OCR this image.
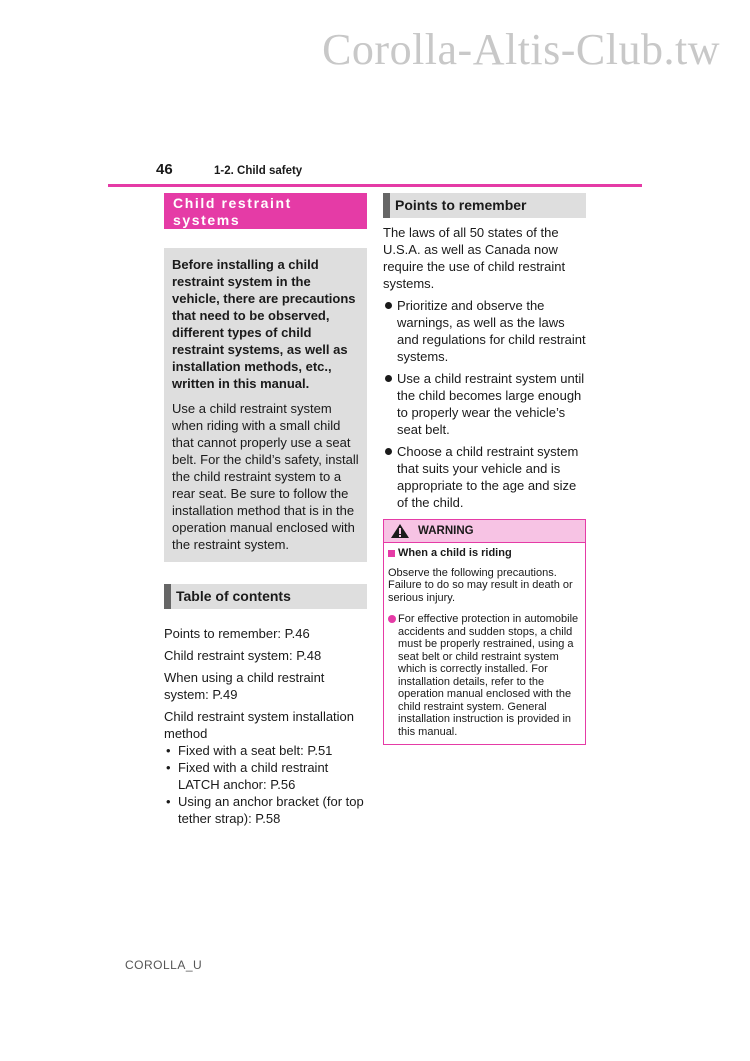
Corolla-Altis-Club.tw
46	1-2. Child safety
Child restraint systems

Before installing a child restraint system in the vehicle, there are precautions that need to be observed, different types of child restraint systems, as well as installation methods, etc., written in this manual.

Use a child restraint system when riding with a small child that cannot properly use a seat belt. For the child’s safety, install the child restraint system to a rear seat. Be sure to follow the installation method that is in the operation manual enclosed with the restraint system.

Table of contents

Points to remember: P.46

Child restraint system: P.48

When using a child restraint system: P.49

Child restraint system installation method

• Fixed with a seat belt: P.51
• Fixed with a child restraint LATCH anchor: P.56
• Using an anchor bracket (for top tether strap): P.58
Points to remember

The laws of all 50 states of the U.S.A. as well as Canada now require the use of child restraint systems.

Prioritize and observe the warnings, as well as the laws and regulations for child restraint systems.
Use a child restraint system until the child becomes large enough to properly wear the vehicle’s seat belt.
Choose a child restraint system that suits your vehicle and is appropriate to the age and size of the child.
WARNING
When a child is riding

Observe the following precautions.

Failure to do so may result in death or serious injury.

For effective protection in automobile accidents and sudden stops, a child must be properly restrained, using a seat belt or child restraint system which is correctly installed. For installation details, refer to the operation manual enclosed with the child restraint system. General installation instruction is provided in this manual.
COROLLA_U
